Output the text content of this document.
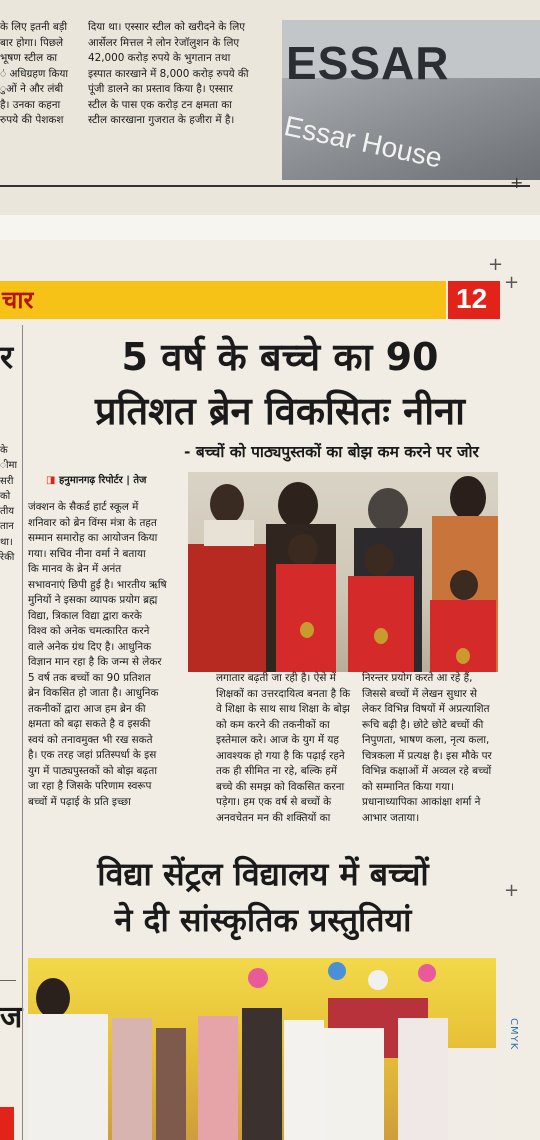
के लिए इतनी बड़ी
बार होगा। पिछले
भूषण स्टील का
ं अधिग्रहण किया
ुओं ने और लंबी
है। उनका कहना
रुपये की पेशकश
दिया था। एस्सार स्टील को खरीदने के लिए
आर्सेलर मित्तल ने लोन रेजॉलुशन के लिए
42,000 करोड़ रुपये के भुगतान तथा
इस्पात कारखाने में 8,000 करोड़ रुपये की
पूंजी डालने का प्रस्ताव किया है। एस्सार
स्टील के पास एक करोड़ टन क्षमता का
स्टील कारखाना गुजरात के हजीरा में है।
ESSAR
Essar House
+
+
+
चार	12
र
के
ीमा
सरी
को
तीय
तान
था।
रेकी
ज
5 वर्ष के बच्चे का 90
प्रतिशत ब्रेन विकसितः नीना
- बच्चों को पाठ्यपुस्तकों का बोझ कम करने पर जोर
◨ हनुमानगढ़ रिपोर्टर | तेज
जंक्शन के सैकर्ड हार्ट स्कूल में
शनिवार को ब्रेन विंग्स मंत्रा के तहत
सम्मान समारोह का आयोजन किया
गया। सचिव नीना वर्मा ने बताया
कि मानव के ब्रेन में अनंत
सभावनाएं छिपी हुई है। भारतीय ऋषि
मुनियों ने इसका व्यापक प्रयोग ब्रह्म
विद्या, त्रिकाल विद्या द्वारा करके
विश्व को अनेक चमत्कारित करने
वाले अनेक ग्रंथ दिए है। आधुनिक
विज्ञान मान रहा है कि जन्म से लेकर
5 वर्ष तक बच्चों का 90 प्रतिशत
ब्रेन विकसित हो जाता है। आधुनिक
तकनीकों द्वारा आज हम ब्रेन की
क्षमता को बढ़ा सकते है व इसकी
स्वयं को तनावमुक्त भी रख सकते
है। एक तरह जहां प्रतिस्पर्धा के इस
युग में पाठ्यपुस्तकों को बोझ बढ़ता
जा रहा है जिसके परिणाम स्वरूप
बच्चों में पढ़ाई के प्रति इच्छा
लगातार बढ़ती जा रही है। ऐसे में
शिक्षकों का उत्तरदायित्व बनता है कि
वे शिक्षा के साथ साथ शिक्षा के बोझ
को कम करने की तकनीकों का
इस्तेमाल करे। आज के युग में यह
आवश्यक हो गया है कि पढ़ाई रहने
तक ही सीमित ना रहे, बल्कि हमें
बच्चे की समझ को विकसित करना
पड़ेगा। हम एक वर्ष से बच्चों के
अनवचेतन मन की शक्तियों का
निरन्तर प्रयोग करते आ रहे हैं,
जिससे बच्चों में लेखन सुधार से
लेकर विभिन्न विषयों में अप्रत्याशित
रूचि बढ़ी है। छोटे छोटे बच्चों की
निपुणता, भाषण कला, नृत्य कला,
चित्रकला में प्रत्यक्ष है। इस मौके पर
विभिन्न कक्षाओं में अव्वल रहे बच्चों
को सम्मानित किया गया।
प्रधानाध्यापिका आकांक्षा शर्मा ने
आभार जताया।
विद्या सेंट्रल विद्यालय में बच्चों
ने दी सांस्कृतिक प्रस्तुतियां
+
CMYK
